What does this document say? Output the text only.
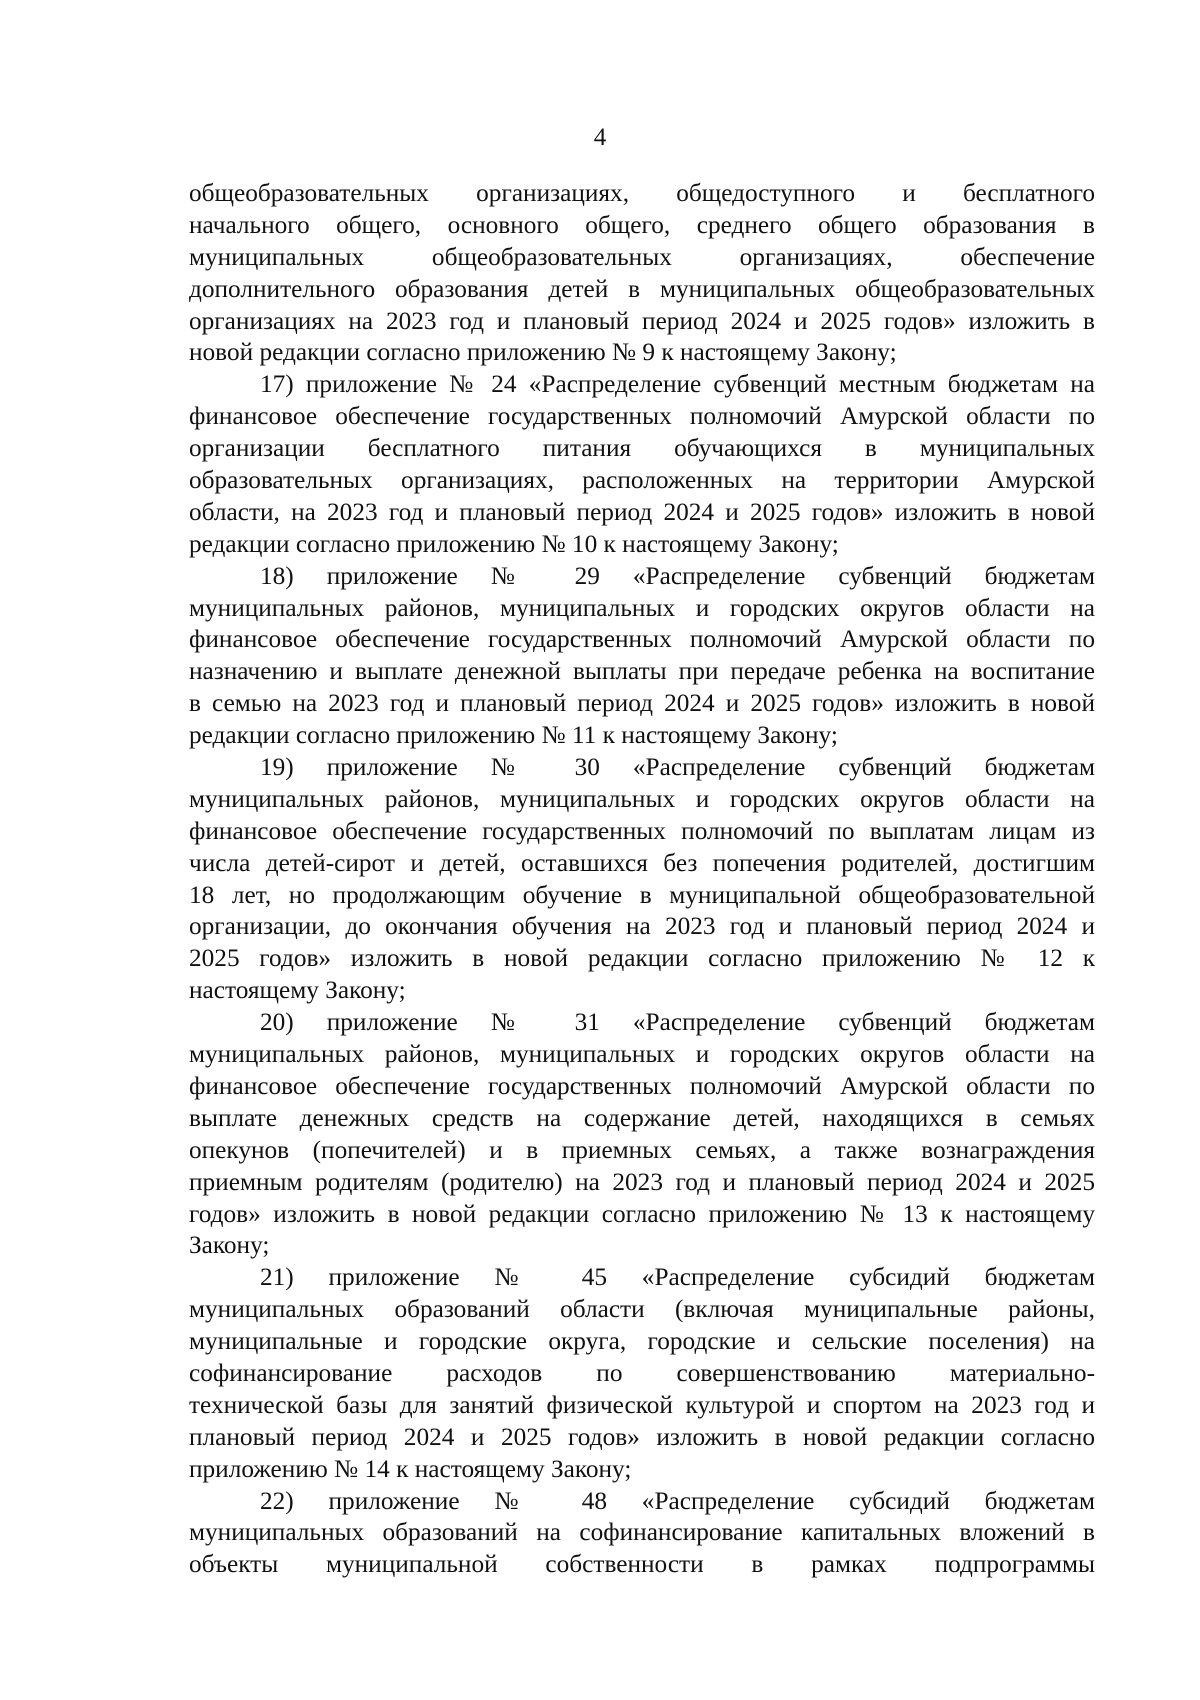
4
общеобразовательных организациях, общедоступного и бесплатного
начального общего, основного общего, среднего общего образования в
муниципальных общеобразовательных организациях, обеспечение
дополнительного образования детей в муниципальных общеобразовательных
организациях на 2023 год и плановый период 2024 и 2025 годов» изложить в
новой редакции согласно приложению № 9 к настоящему Закону;
17) приложение № 24 «Распределение субвенций местным бюджетам на
финансовое обеспечение государственных полномочий Амурской области по
организации бесплатного питания обучающихся в муниципальных
образовательных организациях, расположенных на территории Амурской
области, на 2023 год и плановый период 2024 и 2025 годов» изложить в новой
редакции согласно приложению № 10 к настоящему Закону;
18) приложение № 29 «Распределение субвенций бюджетам
муниципальных районов, муниципальных и городских округов области на
финансовое обеспечение государственных полномочий Амурской области по
назначению и выплате денежной выплаты при передаче ребенка на воспитание
в семью на 2023 год и плановый период 2024 и 2025 годов» изложить в новой
редакции согласно приложению № 11 к настоящему Закону;
19) приложение № 30 «Распределение субвенций бюджетам
муниципальных районов, муниципальных и городских округов области на
финансовое обеспечение государственных полномочий по выплатам лицам из
числа детей-сирот и детей, оставшихся без попечения родителей, достигшим
18 лет, но продолжающим обучение в муниципальной общеобразовательной
организации, до окончания обучения на 2023 год и плановый период 2024 и
2025 годов» изложить в новой редакции согласно приложению № 12 к
настоящему Закону;
20) приложение № 31 «Распределение субвенций бюджетам
муниципальных районов, муниципальных и городских округов области на
финансовое обеспечение государственных полномочий Амурской области по
выплате денежных средств на содержание детей, находящихся в семьях
опекунов (попечителей) и в приемных семьях, а также вознаграждения
приемным родителям (родителю) на 2023 год и плановый период 2024 и 2025
годов» изложить в новой редакции согласно приложению № 13 к настоящему
Закону;
21) приложение № 45 «Распределение субсидий бюджетам
муниципальных образований области (включая муниципальные районы,
муниципальные и городские округа, городские и сельские поселения) на
софинансирование расходов по совершенствованию материально-
технической базы для занятий физической культурой и спортом на 2023 год и
плановый период 2024 и 2025 годов» изложить в новой редакции согласно
приложению № 14 к настоящему Закону;
22) приложение № 48 «Распределение субсидий бюджетам
муниципальных образований на софинансирование капитальных вложений в
объекты муниципальной собственности в рамках подпрограммы
